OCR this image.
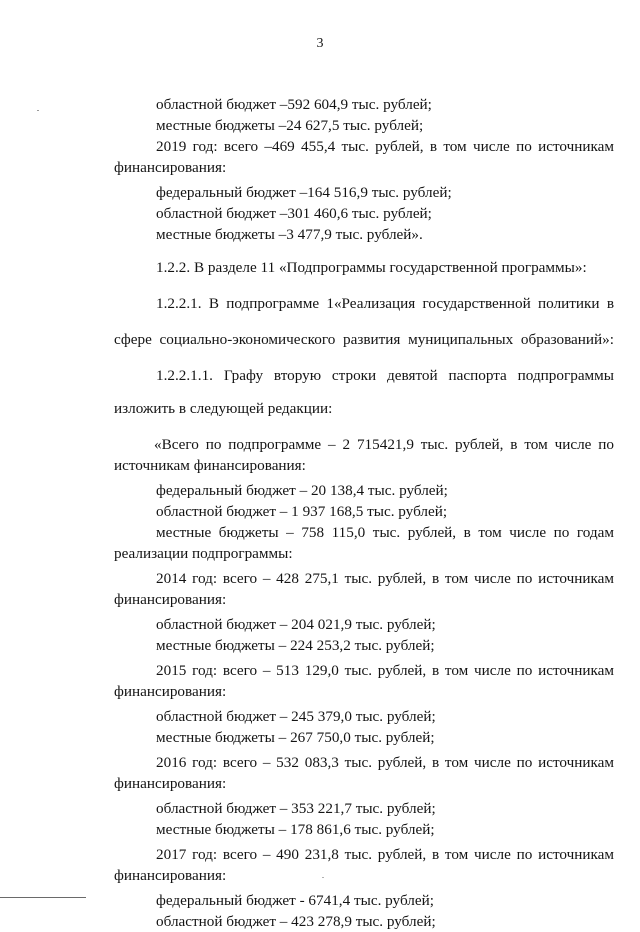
3
областной бюджет –592 604,9 тыс. рублей;
местные бюджеты –24 627,5 тыс. рублей;
2019 год: всего –469 455,4 тыс. рублей, в том числе по источникам
финансирования:
федеральный бюджет –164 516,9 тыс. рублей;
областной бюджет –301 460,6 тыс. рублей;
местные бюджеты –3 477,9 тыс. рублей».
1.2.2. В разделе 11 «Подпрограммы государственной программы»:
1.2.2.1. В подпрограмме 1«Реализация государственной политики в
сфере социально-экономического развития муниципальных образований»:
1.2.2.1.1. Графу вторую строки девятой паспорта подпрограммы
изложить в следующей редакции:
«Всего по подпрограмме – 2 715421,9 тыс. рублей, в том числе по
источникам финансирования:
федеральный бюджет – 20 138,4 тыс. рублей;
областной бюджет – 1 937 168,5 тыс. рублей;
местные бюджеты – 758 115,0 тыс. рублей, в том числе по годам
реализации подпрограммы:
2014 год: всего – 428 275,1 тыс. рублей, в том числе по источникам
финансирования:
областной бюджет – 204 021,9 тыс. рублей;
местные бюджеты – 224 253,2 тыс. рублей;
2015 год: всего – 513 129,0 тыс. рублей, в том числе по источникам
финансирования:
областной бюджет – 245 379,0 тыс. рублей;
местные бюджеты – 267 750,0 тыс. рублей;
2016 год: всего – 532 083,3 тыс. рублей, в том числе по источникам
финансирования:
областной бюджет – 353 221,7 тыс. рублей;
местные бюджеты – 178 861,6 тыс. рублей;
2017 год: всего – 490 231,8 тыс. рублей, в том числе по источникам
финансирования:
федеральный бюджет - 6741,4 тыс. рублей;
областной бюджет – 423 278,9 тыс. рублей;
